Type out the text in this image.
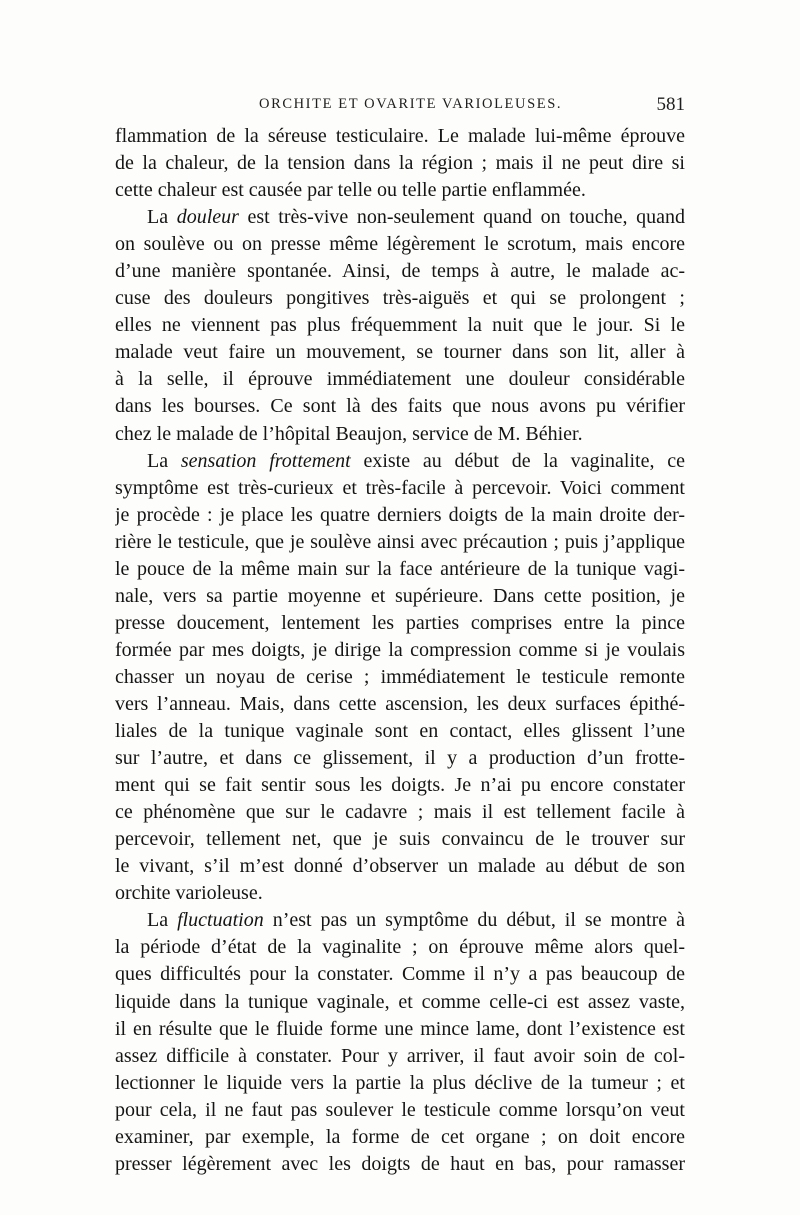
ORCHITE ET OVARITE VARIOLEUSES.	581
flammation de la séreuse testiculaire. Le malade lui-même éprouve
de la chaleur, de la tension dans la région ; mais il ne peut dire si
cette chaleur est causée par telle ou telle partie enflammée.
La douleur est très-vive non-seulement quand on touche, quand
on soulève ou on presse même légèrement le scrotum, mais encore
d’une manière spontanée. Ainsi, de temps à autre, le malade ac-
cuse des douleurs pongitives très-aiguës et qui se prolongent ;
elles ne viennent pas plus fréquemment la nuit que le jour. Si le
malade veut faire un mouvement, se tourner dans son lit, aller à
à la selle, il éprouve immédiatement une douleur considérable
dans les bourses. Ce sont là des faits que nous avons pu vérifier
chez le malade de l’hôpital Beaujon, service de M. Béhier.
La sensation frottement existe au début de la vaginalite, ce
symptôme est très-curieux et très-facile à percevoir. Voici comment
je procède : je place les quatre derniers doigts de la main droite der-
rière le testicule, que je soulève ainsi avec précaution ; puis j’applique
le pouce de la même main sur la face antérieure de la tunique vagi-
nale, vers sa partie moyenne et supérieure. Dans cette position, je
presse doucement, lentement les parties comprises entre la pince
formée par mes doigts, je dirige la compression comme si je voulais
chasser un noyau de cerise ; immédiatement le testicule remonte
vers l’anneau. Mais, dans cette ascension, les deux surfaces épithé-
liales de la tunique vaginale sont en contact, elles glissent l’une
sur l’autre, et dans ce glissement, il y a production d’un frotte-
ment qui se fait sentir sous les doigts. Je n’ai pu encore constater
ce phénomène que sur le cadavre ; mais il est tellement facile à
percevoir, tellement net, que je suis convaincu de le trouver sur
le vivant, s’il m’est donné d’observer un malade au début de son
orchite varioleuse.
La fluctuation n’est pas un symptôme du début, il se montre à
la période d’état de la vaginalite ; on éprouve même alors quel-
ques difficultés pour la constater. Comme il n’y a pas beaucoup de
liquide dans la tunique vaginale, et comme celle-ci est assez vaste,
il en résulte que le fluide forme une mince lame, dont l’existence est
assez difficile à constater. Pour y arriver, il faut avoir soin de col-
lectionner le liquide vers la partie la plus déclive de la tumeur ; et
pour cela, il ne faut pas soulever le testicule comme lorsqu’on veut
examiner, par exemple, la forme de cet organe ; on doit encore
presser légèrement avec les doigts de haut en bas, pour ramasser
